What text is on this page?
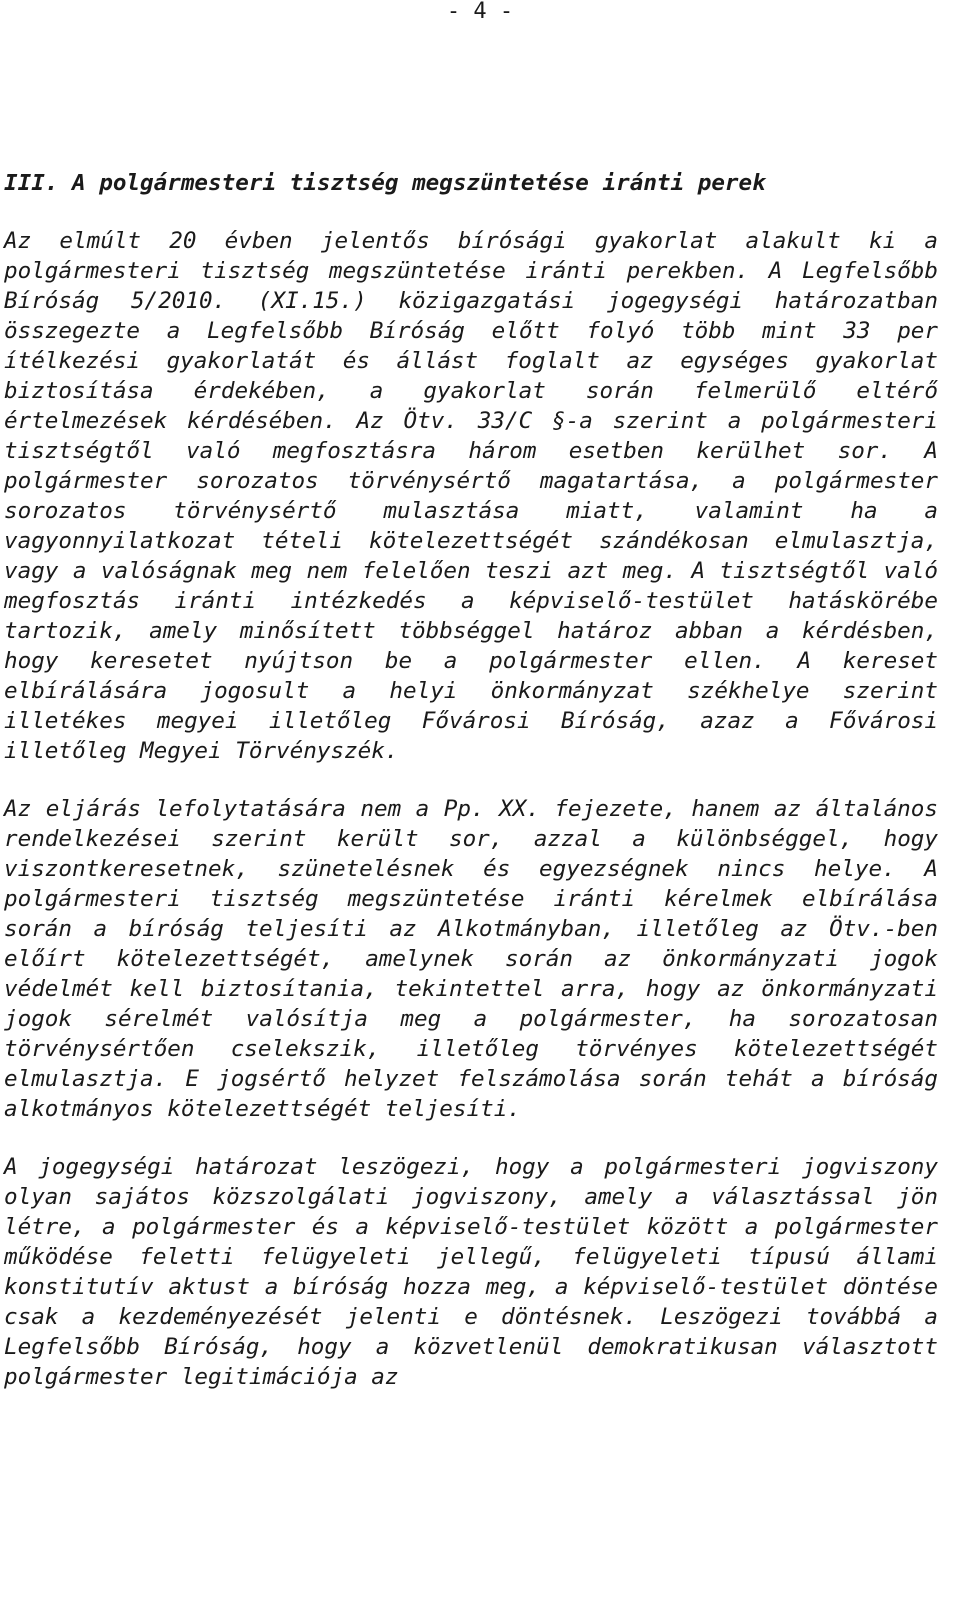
- 4 -
III. A polgármesteri tisztség megszüntetése iránti perek

Az elmúlt 20 évben jelentős bírósági gyakorlat alakult ki a polgármesteri tisztség megszüntetése iránti perekben. A Legfelsőbb Bíróság 5/2010. (XI.15.) közigazgatási jogegységi határozatban összegezte a Legfelsőbb Bíróság előtt folyó több mint 33 per ítélkezési gyakorlatát és állást foglalt az egységes gyakorlat biztosítása érdekében, a gyakorlat során felmerülő eltérő értelmezések kérdésében. Az Ötv. 33/C §-a szerint a polgármesteri tisztségtől való megfosztásra három esetben kerülhet sor. A polgármester sorozatos törvénysértő magatartása, a polgármester sorozatos törvénysértő mulasztása miatt, valamint ha a vagyonnyilatkozat tételi kötelezettségét szándékosan elmulasztja, vagy a valóságnak meg nem felelően teszi azt meg. A tisztségtől való megfosztás iránti intézkedés a képviselő-testület hatáskörébe tartozik, amely minősített többséggel határoz abban a kérdésben, hogy keresetet nyújtson be a polgármester ellen. A kereset elbírálására jogosult a helyi önkormányzat székhelye szerint illetékes megyei illetőleg Fővárosi Bíróság, azaz a Fővárosi illetőleg Megyei Törvényszék.

Az eljárás lefolytatására nem a Pp. XX. fejezete, hanem az általános rendelkezései szerint került sor, azzal a különbséggel, hogy viszontkeresetnek, szünetelésnek és egyezségnek nincs helye. A polgármesteri tisztség megszüntetése iránti kérelmek elbírálása során a bíróság teljesíti az Alkotmányban, illetőleg az Ötv.-ben előírt kötelezettségét, amelynek során az önkormányzati jogok védelmét kell biztosítania, tekintettel arra, hogy az önkormányzati jogok sérelmét valósítja meg a polgármester, ha sorozatosan törvénysértően cselekszik, illetőleg törvényes kötelezettségét elmulasztja. E jogsértő helyzet felszámolása során tehát a bíróság alkotmányos kötelezettségét teljesíti.

A jogegységi határozat leszögezi, hogy a polgármesteri jogviszony olyan sajátos közszolgálati jogviszony, amely a választással jön létre, a polgármester és a képviselő-testület között a polgármester működése feletti felügyeleti jellegű, felügyeleti típusú állami konstitutív aktust a bíróság hozza meg, a képviselő-testület döntése csak a kezdeményezését jelenti e döntésnek. Leszögezi továbbá a Legfelsőbb Bíróság, hogy a közvetlenül demokratikusan választott polgármester legitimációja az
